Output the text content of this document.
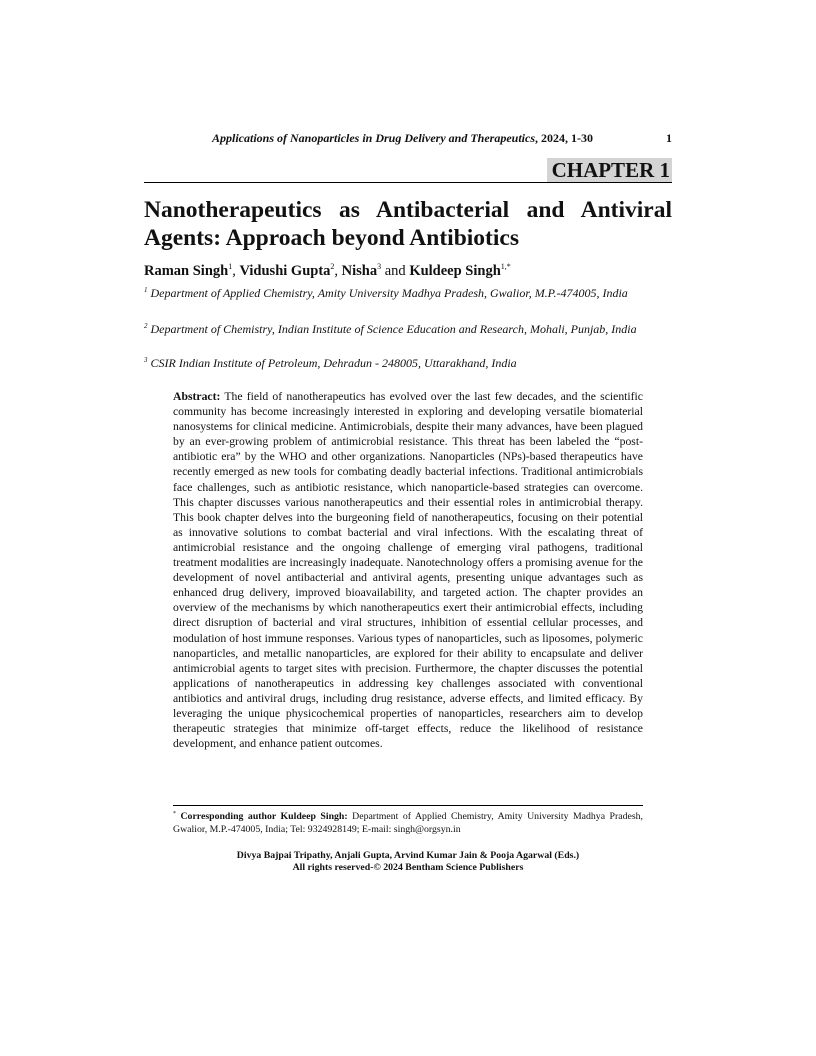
Applications of Nanoparticles in Drug Delivery and Therapeutics, 2024, 1-30	1
CHAPTER 1
Nanotherapeutics as Antibacterial and Antiviral Agents: Approach beyond Antibiotics
Raman Singh$^1$, Vidushi Gupta$^2$, Nisha$^3$ and Kuldeep Singh$^{1,*}$
$^1$ Department of Applied Chemistry, Amity University Madhya Pradesh, Gwalior, M.P.-474005, India
$^2$ Department of Chemistry, Indian Institute of Science Education and Research, Mohali, Punjab, India
$^3$ CSIR Indian Institute of Petroleum, Dehradun - 248005, Uttarakhand, India

Abstract: The field of nanotherapeutics has evolved over the last few decades, and the scientific community has become increasingly interested in exploring and developing versatile biomaterial nanosystems for clinical medicine. Antimicrobials, despite their many advances, have been plagued by an ever-growing problem of antimicrobial resistance. This threat has been labeled the “post-antibiotic era” by the WHO and other organizations. Nanoparticles (NPs)-based therapeutics have recently emerged as new tools for combating deadly bacterial infections. Traditional antimicrobials face challenges, such as antibiotic resistance, which nanoparticle-based strategies can overcome. This chapter discusses various nanotherapeutics and their essential roles in antimicrobial therapy. This book chapter delves into the burgeoning field of nanotherapeutics, focusing on their potential as innovative solutions to combat bacterial and viral infections. With the escalating threat of antimicrobial resistance and the ongoing challenge of emerging viral pathogens, traditional treatment modalities are increasingly inadequate. Nanotechnology offers a promising avenue for the development of novel antibacterial and antiviral agents, presenting unique advantages such as enhanced drug delivery, improved bioavailability, and targeted action. The chapter provides an overview of the mechanisms by which nanotherapeutics exert their antimicrobial effects, including direct disruption of bacterial and viral structures, inhibition of essential cellular processes, and modulation of host immune responses. Various types of nanoparticles, such as liposomes, polymeric nanoparticles, and metallic nanoparticles, are explored for their ability to encapsulate and deliver antimicrobial agents to target sites with precision. Furthermore, the chapter discusses the potential applications of nanotherapeutics in addressing key challenges associated with conventional antibiotics and antiviral drugs, including drug resistance, adverse effects, and limited efficacy. By leveraging the unique physicochemical properties of nanoparticles, researchers aim to develop therapeutic strategies that minimize off-target effects, reduce the likelihood of resistance development, and enhance patient outcomes.

* Corresponding author Kuldeep Singh: Department of Applied Chemistry, Amity University Madhya Pradesh, Gwalior, M.P.-474005, India; Tel: 9324928149; E-mail: singh@orgsyn.in

Divya Bajpai Tripathy, Anjali Gupta, Arvind Kumar Jain & Pooja Agarwal (Eds.)
All rights reserved-© 2024 Bentham Science Publishers
